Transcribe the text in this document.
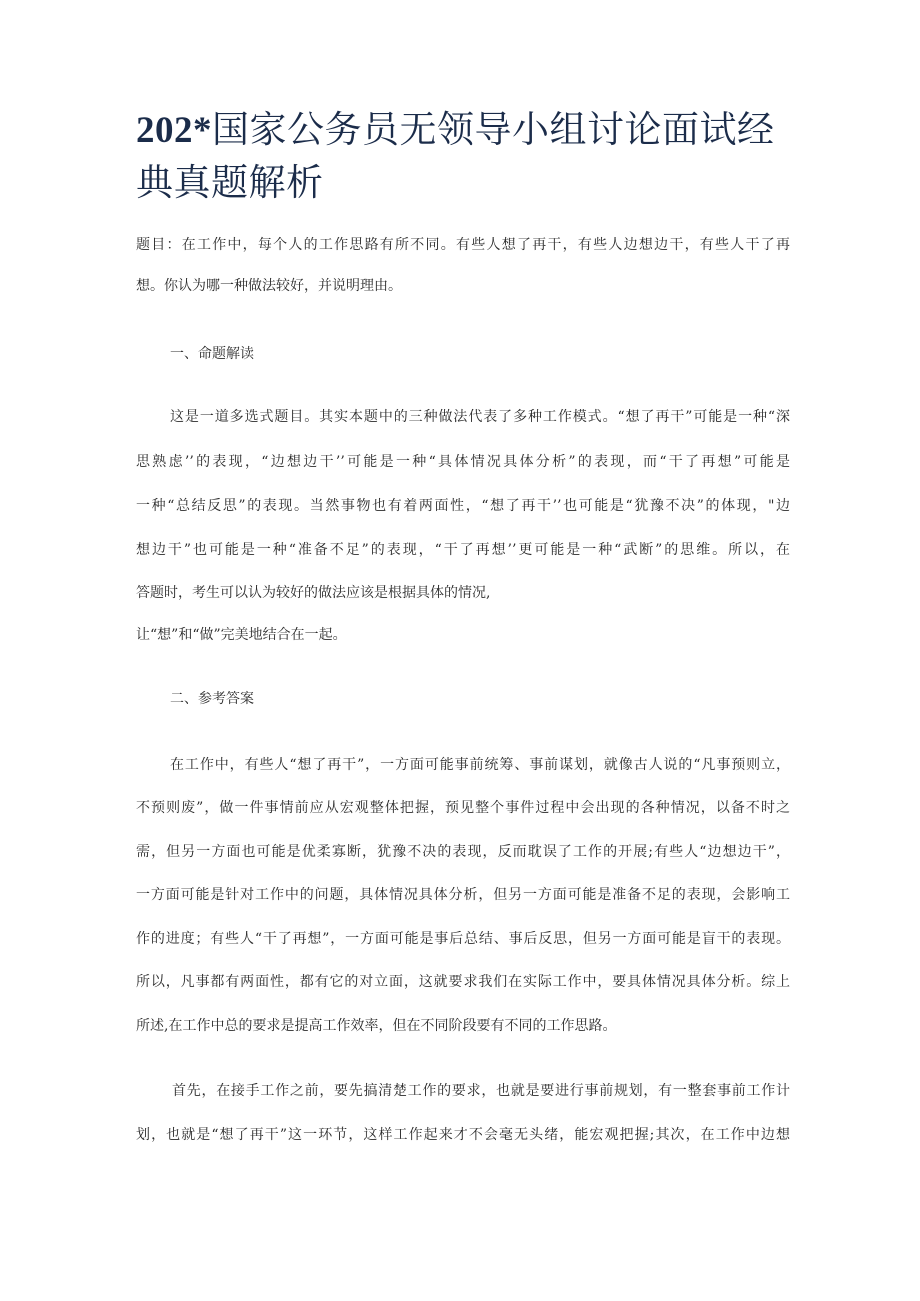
202*国家公务员无领导小组讨论面试经
典真题解析
题目：在工作中，每个人的工作思路有所不同。有些人想了再干，有些人边想边干，有些人干了再
想。你认为哪一种做法较好，并说明理由。
一、命题解读
这是一道多选式题目。其实本题中的三种做法代表了多种工作模式。“想了再干”可能是一种“深
思熟虑’’的表现，“边想边干’’可能是一种“具体情况具体分析”的表现，而“干了再想”可能是
一种“总结反思”的表现。当然事物也有着两面性，“想了再干’’也可能是“犹豫不决”的体现，"边
想边干”也可能是一种“准备不足”的表现，“干了再想’’更可能是一种“武断”的思维。所以，在
答题时，考生可以认为较好的做法应该是根据具体的情况,
让“想”和“做”完美地结合在一起。
二、参考答案
在工作中，有些人“想了再干”，一方面可能事前统筹、事前谋划，就像古人说的“凡事预则立，
不预则废”，做一件事情前应从宏观整体把握，预见整个事件过程中会出现的各种情况，以备不时之
需，但另一方面也可能是优柔寡断，犹豫不决的表现，反而耽误了工作的开展;有些人“边想边干”，
一方面可能是针对工作中的问题，具体情况具体分析，但另一方面可能是准备不足的表现，会影响工
作的进度；有些人“干了再想”，一方面可能是事后总结、事后反思，但另一方面可能是盲干的表现。
所以，凡事都有两面性，都有它的对立面，这就要求我们在实际工作中，要具体情况具体分析。综上
所述,在工作中总的要求是提高工作效率，但在不同阶段要有不同的工作思路。
首先，在接手工作之前，要先搞清楚工作的要求，也就是要进行事前规划，有一整套事前工作计
划，也就是“想了再干”这一环节，这样工作起来才不会毫无头绪，能宏观把握;其次，在工作中边想
